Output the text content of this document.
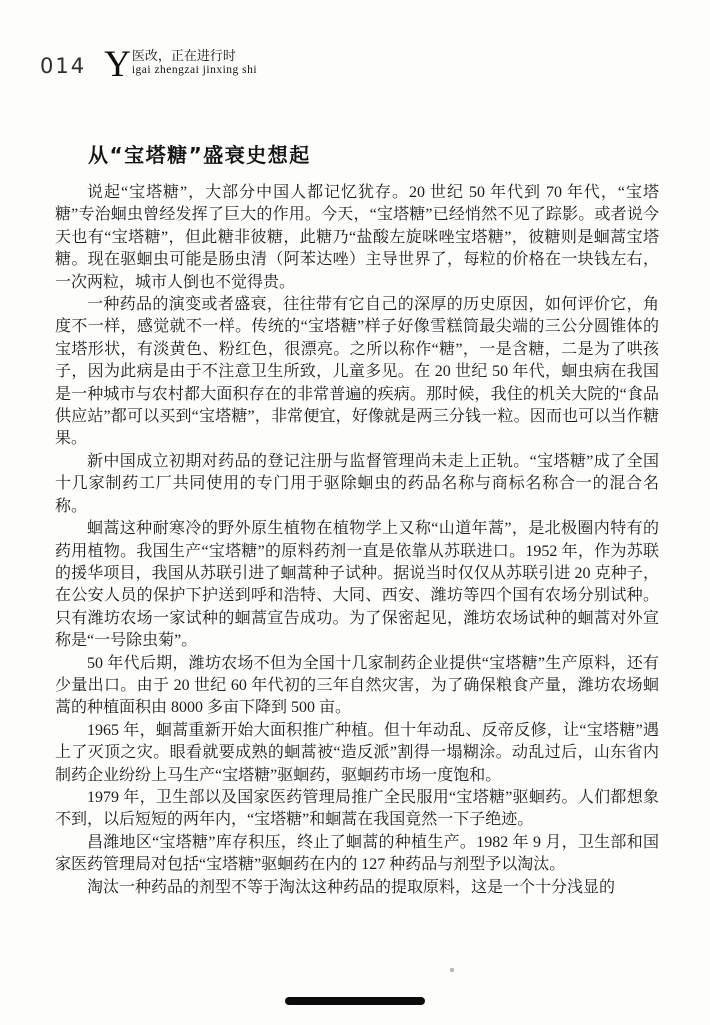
014 Y 医改，正在进行时
igai zhengzai jinxing shi
从“宝塔糖”盛衰史想起

说起“宝塔糖”，大部分中国人都记忆犹存。20 世纪 50 年代到 70 年代，“宝塔糖”专治蛔虫曾经发挥了巨大的作用。今天，“宝塔糖”已经悄然不见了踪影。或者说今天也有“宝塔糖”，但此糖非彼糖，此糖乃“盐酸左旋咪唑宝塔糖”，彼糖则是蛔蒿宝塔糖。现在驱蛔虫可能是肠虫清（阿苯达唑）主导世界了，每粒的价格在一块钱左右，一次两粒，城市人倒也不觉得贵。

一种药品的演变或者盛衰，往往带有它自己的深厚的历史原因，如何评价它，角度不一样，感觉就不一样。传统的“宝塔糖”样子好像雪糕筒最尖端的三公分圆锥体的宝塔形状，有淡黄色、粉红色，很漂亮。之所以称作“糖”，一是含糖，二是为了哄孩子，因为此病是由于不注意卫生所致，儿童多见。在 20 世纪 50 年代，蛔虫病在我国是一种城市与农村都大面积存在的非常普遍的疾病。那时候，我住的机关大院的“食品供应站”都可以买到“宝塔糖”，非常便宜，好像就是两三分钱一粒。因而也可以当作糖果。

新中国成立初期对药品的登记注册与监督管理尚未走上正轨。“宝塔糖”成了全国十几家制药工厂共同使用的专门用于驱除蛔虫的药品名称与商标名称合一的混合名称。

蛔蒿这种耐寒冷的野外原生植物在植物学上又称“山道年蒿”，是北极圈内特有的药用植物。我国生产“宝塔糖”的原料药剂一直是依靠从苏联进口。1952 年，作为苏联的援华项目，我国从苏联引进了蛔蒿种子试种。据说当时仅仅从苏联引进 20 克种子，在公安人员的保护下护送到呼和浩特、大同、西安、潍坊等四个国有农场分别试种。只有潍坊农场一家试种的蛔蒿宣告成功。为了保密起见，潍坊农场试种的蛔蒿对外宣称是“一号除虫菊”。

50 年代后期，潍坊农场不但为全国十几家制药企业提供“宝塔糖”生产原料，还有少量出口。由于 20 世纪 60 年代初的三年自然灾害，为了确保粮食产量，潍坊农场蛔蒿的种植面积由 8000 多亩下降到 500 亩。

1965 年，蛔蒿重新开始大面积推广种植。但十年动乱、反帝反修，让“宝塔糖”遇上了灭顶之灾。眼看就要成熟的蛔蒿被“造反派”割得一塌糊涂。动乱过后，山东省内制药企业纷纷上马生产“宝塔糖”驱蛔药，驱蛔药市场一度饱和。

1979 年，卫生部以及国家医药管理局推广全民服用“宝塔糖”驱蛔药。人们都想象不到，以后短短的两年内，“宝塔糖”和蛔蒿在我国竟然一下子绝迹。

昌潍地区“宝塔糖”库存积压，终止了蛔蒿的种植生产。1982 年 9 月，卫生部和国家医药管理局对包括“宝塔糖”驱蛔药在内的 127 种药品与剂型予以淘汰。

淘汰一种药品的剂型不等于淘汰这种药品的提取原料，这是一个十分浅显的
